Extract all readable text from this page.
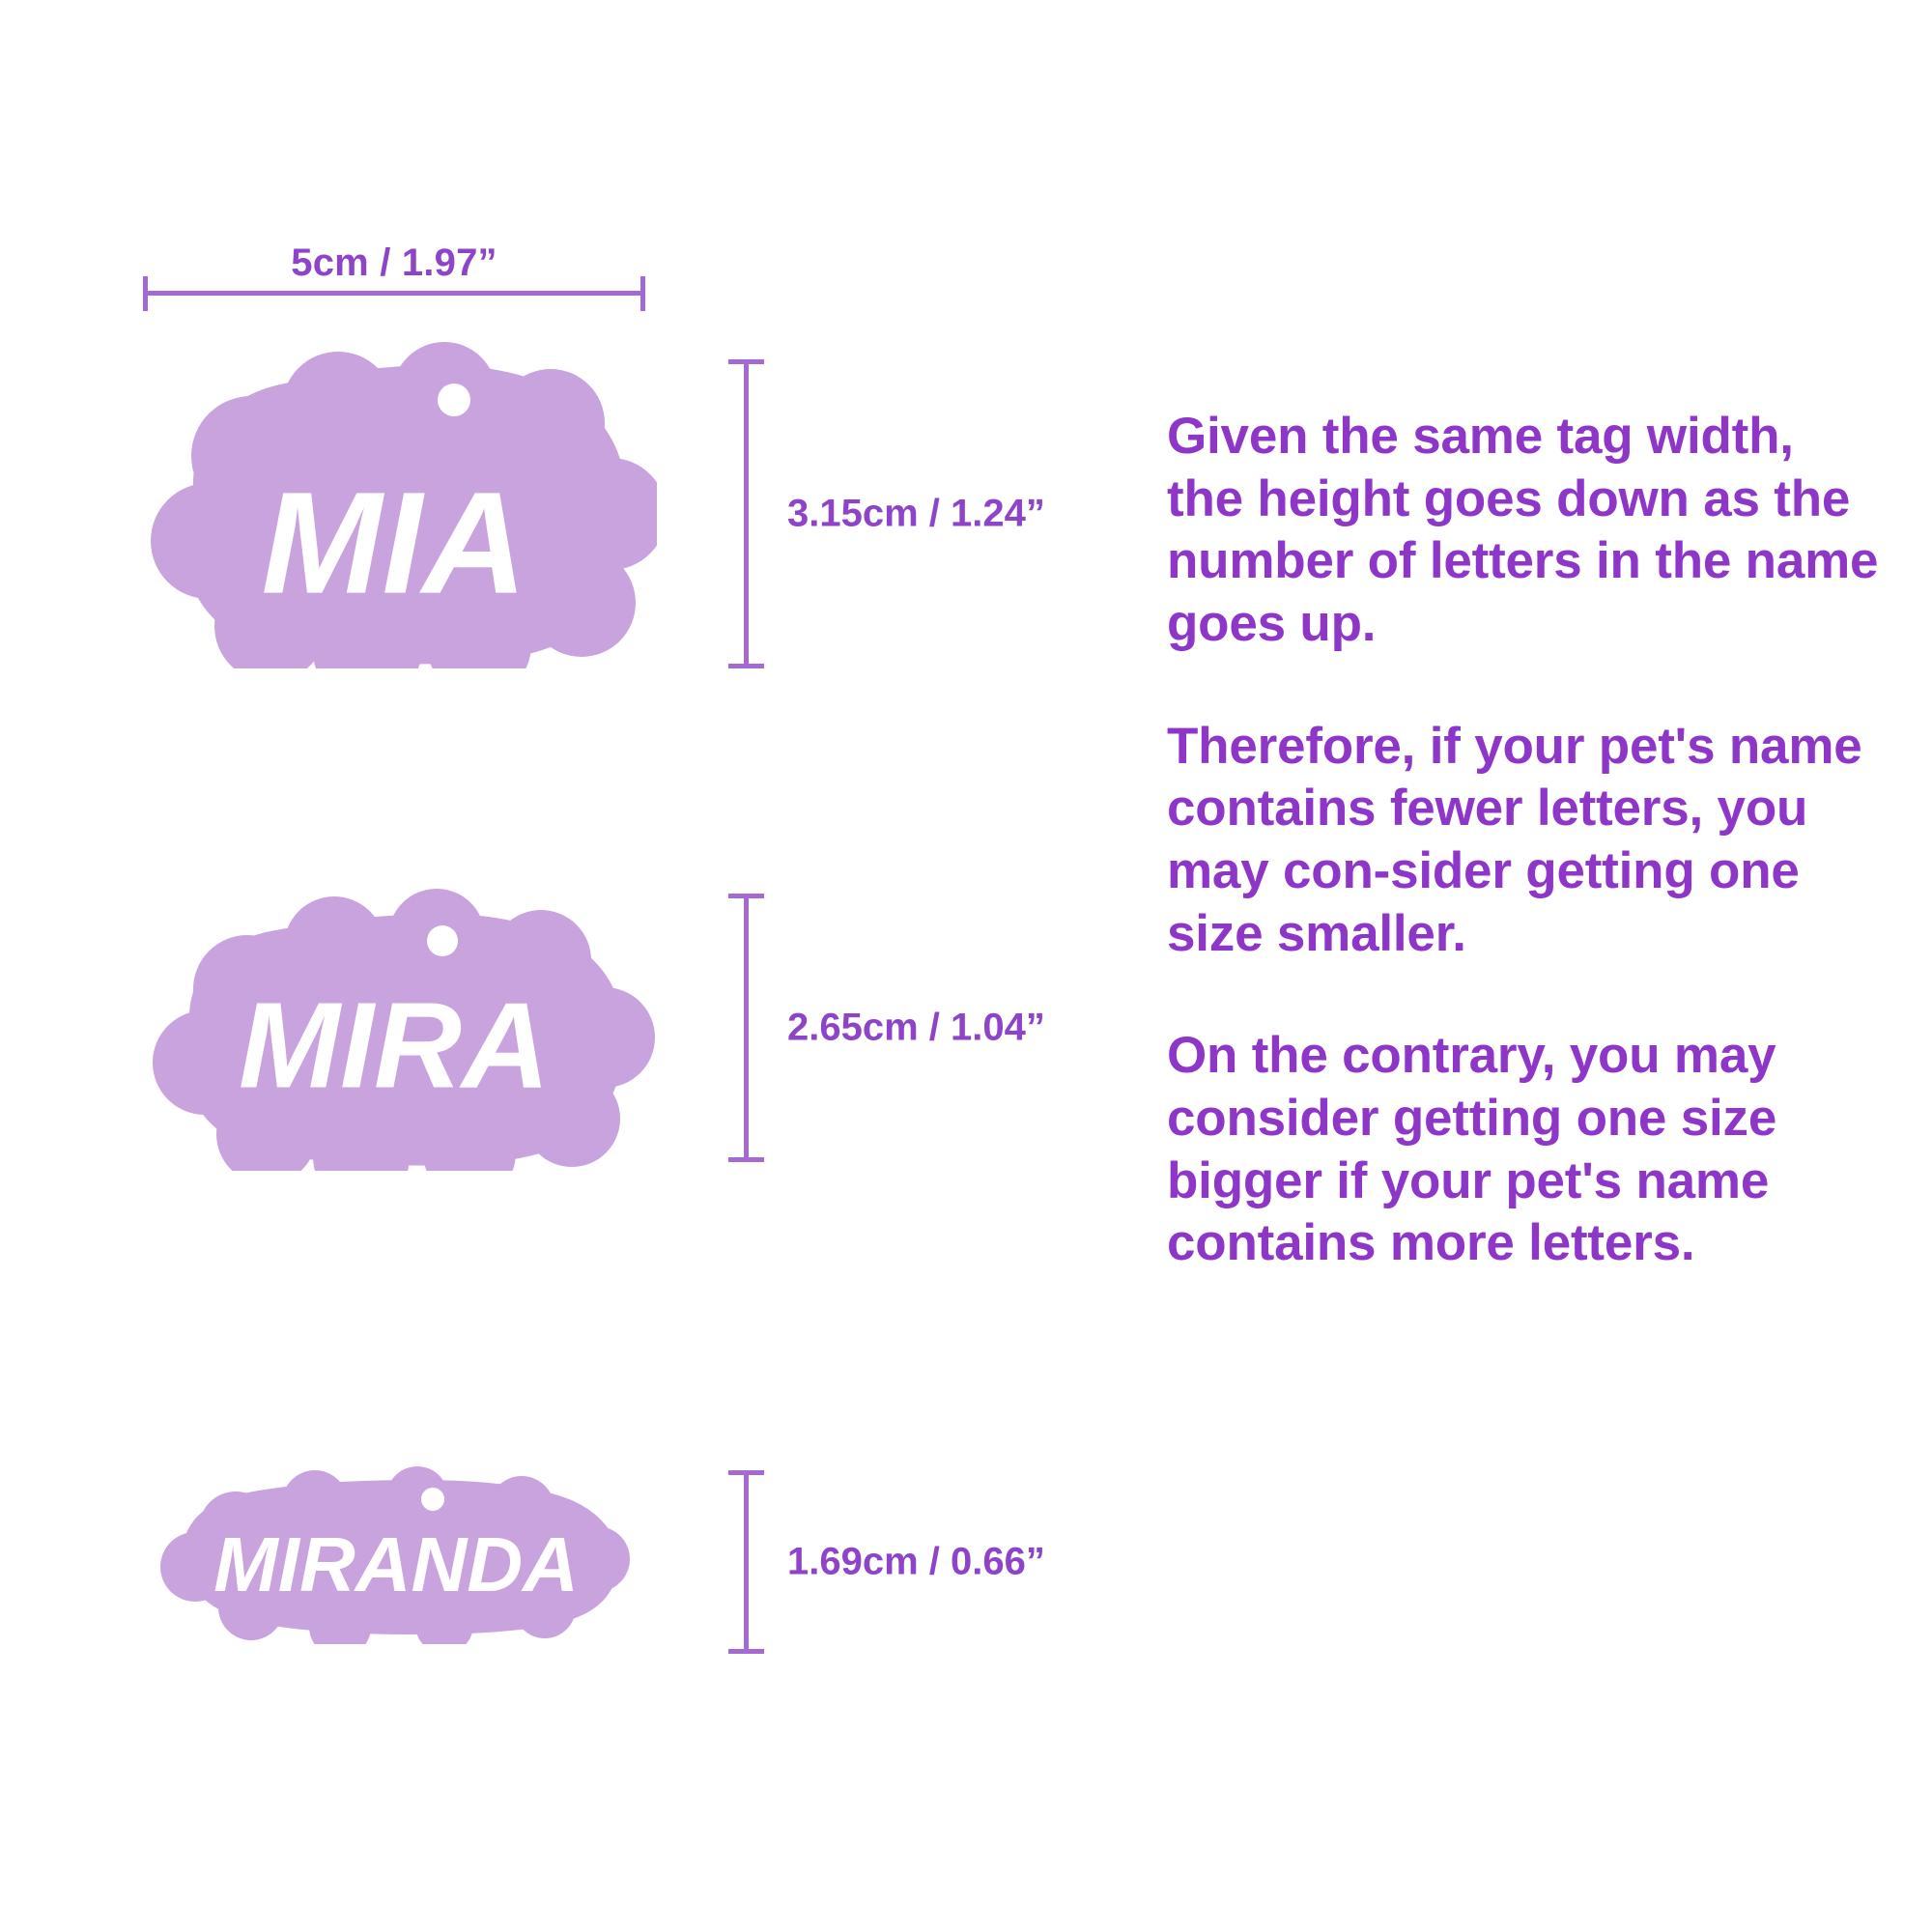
5cm / 1.97”
MIA	3.15cm / 1.24”
MIRA	2.65cm / 1.04”
MIRANDA	1.69cm / 0.66”

Given the same tag width, the height goes down as the number of letters in the name goes up.

Therefore, if your pet's name contains fewer letters, you may con-sider getting one size smaller.

On the contrary, you may consider getting one size bigger if your pet's name contains more letters.
